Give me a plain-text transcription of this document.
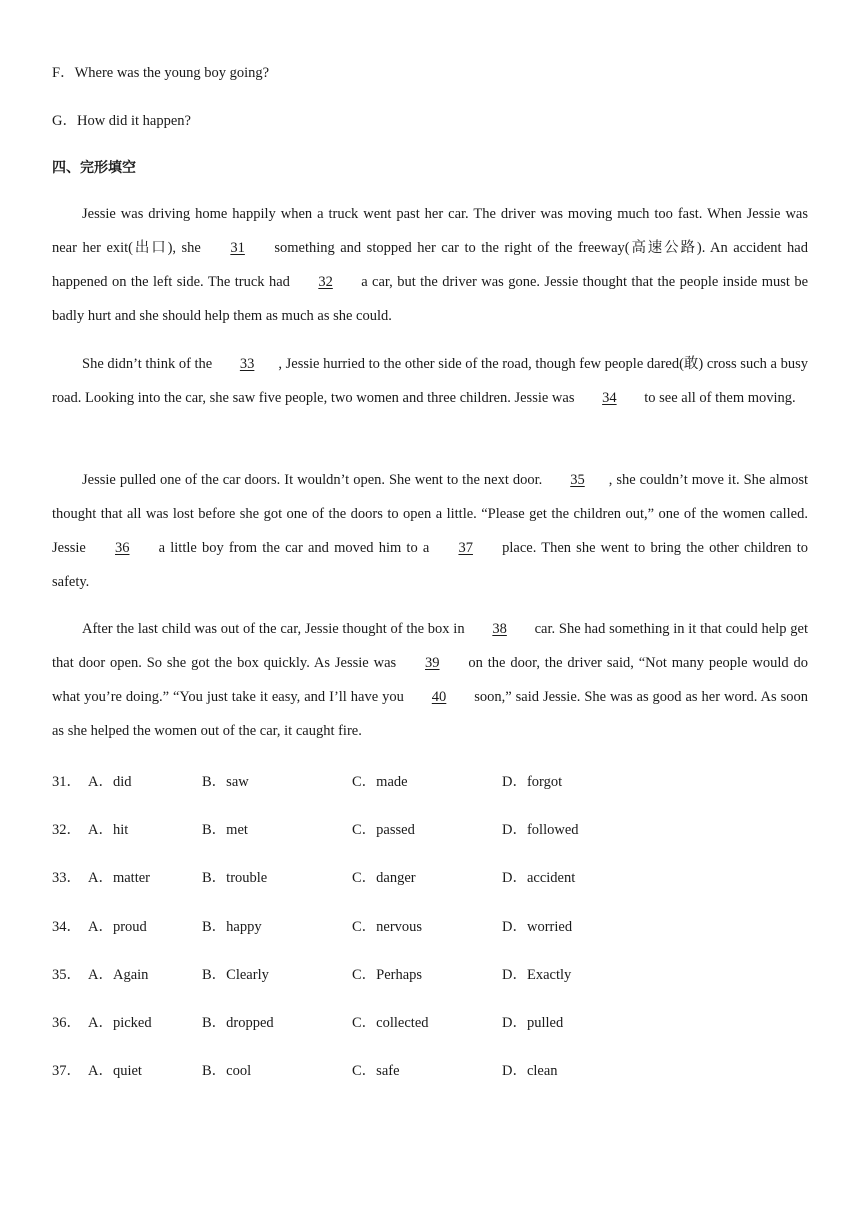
F．Where was the young boy going?
G．How did it happen?
四、完形填空
Jessie was driving home happily when a truck went past her car. The driver was moving much too fast. When Jessie was near her exit(出口), she 31 something and stopped her car to the right of the freeway(高速公路). An accident had happened on the left side. The truck had 32 a car, but the driver was gone. Jessie thought that the people inside must be badly hurt and she should help them as much as she could.
She didn’t think of the 33 , Jessie hurried to the other side of the road, though few people dared(敢) cross such a busy road. Looking into the car, she saw five people, two women and three children. Jessie was 34 to see all of them moving.
Jessie pulled one of the car doors. It wouldn’t open. She went to the next door. 35 , she couldn’t move it. She almost thought that all was lost before she got one of the doors to open a little. “Please get the children out,” one of the women called. Jessie 36 a little boy from the car and moved him to a 37 place. Then she went to bring the other children to safety.
After the last child was out of the car, Jessie thought of the box in 38 car. She had something in it that could help get that door open. So she got the box quickly. As Jessie was 39 on the door, the driver said, “Not many people would do what you’re doing.” “You just take it easy, and I’ll have you 40 soon,” said Jessie. She was as good as her word. As soon as she helped the women out of the car, it caught fire.
31． A．did	B．saw	C．made	D．forgot
32． A．hit	B．met	C．passed	D．followed
33． A．matter	B．trouble	C．danger	D．accident
34． A．proud	B．happy	C．nervous	D．worried
35． A．Again	B．Clearly	C．Perhaps	D．Exactly
36． A．picked	B．dropped	C．collected	D．pulled
37． A．quiet	B．cool	C．safe	D．clean
